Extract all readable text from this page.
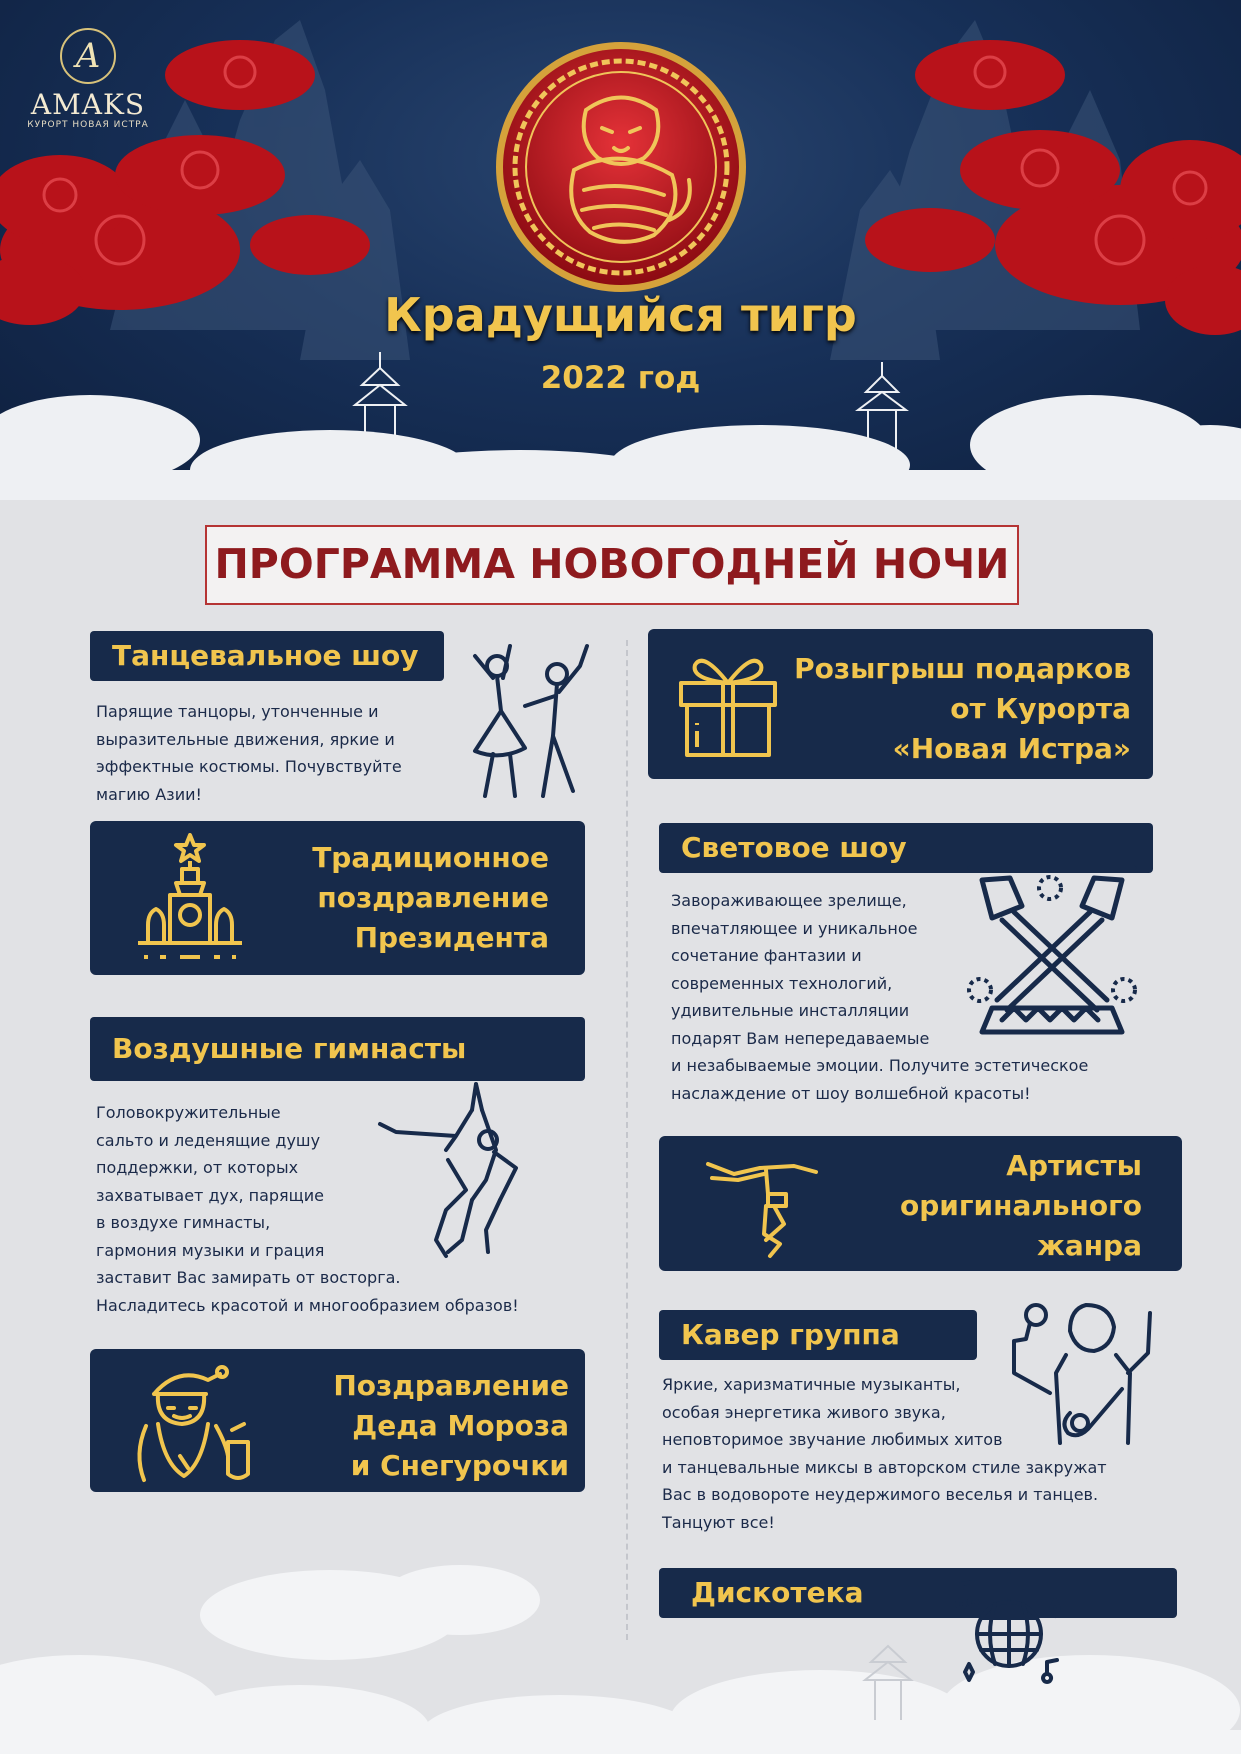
A
AMAKS
КУРОРТ НОВАЯ ИСТРА
Крадущийся тигр
2022 год
ПРОГРАММА НОВОГОДНЕЙ НОЧИ
Танцевальное шоу
Парящие танцоры, утонченные и
выразительные движения, яркие и
эффектные костюмы. Почувствуйте
магию Азии!
Розыгрыш подарков
от Курорта
«Новая Истра»
Традиционное
поздравление
Президента
Световое шоу
Завораживающее зрелище,
впечатляющее и уникальное
сочетание фантазии и
современных технологий,
удивительные инсталляции
подарят Вам непередаваемые
и незабываемые эмоции. Получите эстетическое
наслаждение от шоу волшебной красоты!
Воздушные гимнасты
Головокружительные
сальто и леденящие душу
поддержки, от которых
захватывает дух, парящие
в воздухе гимнасты,
гармония музыки и грация
заставит Вас замирать от восторга.
Насладитесь красотой и многообразием образов!
Артисты
оригинального
жанра
Кавер группа
Яркие, харизматичные музыканты,
особая энергетика живого звука,
неповторимое звучание любимых хитов
и танцевальные миксы в авторском стиле закружат
Вас в водовороте неудержимого веселья и танцев.
Танцуют все!
Поздравление
Деда Мороза
и Снегурочки
Дискотека
